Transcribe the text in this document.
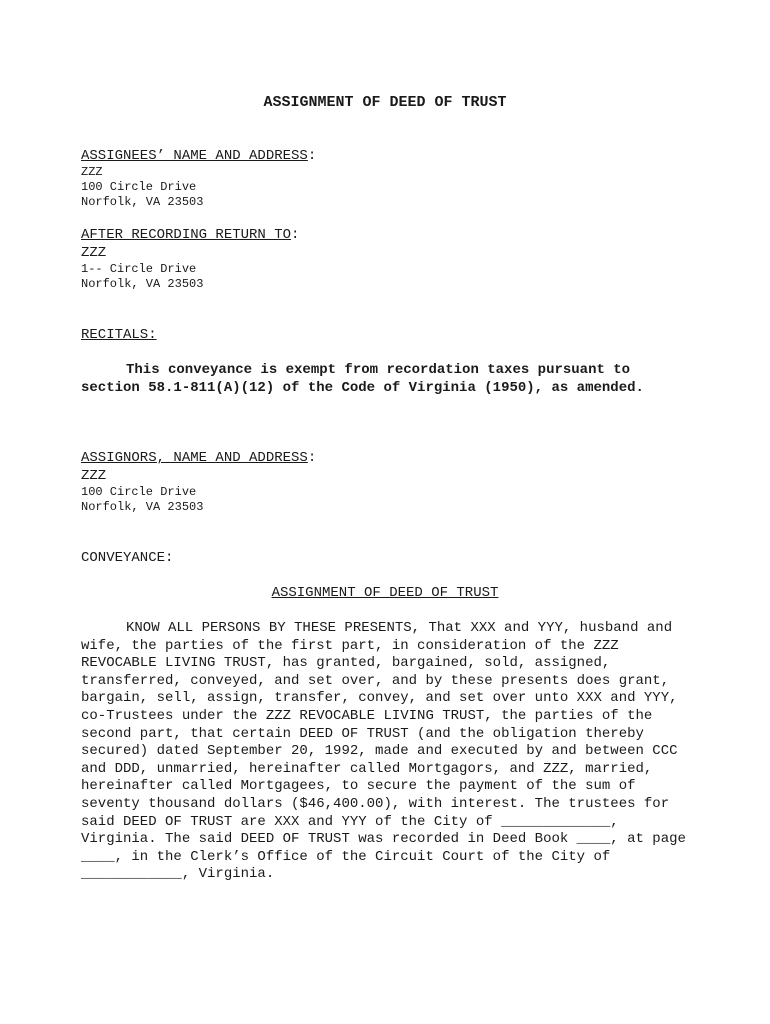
ASSIGNMENT OF DEED OF TRUST
ASSIGNEES’ NAME AND ADDRESS:
ZZZ
100 Circle Drive
Norfolk, VA 23503
AFTER RECORDING RETURN TO:
ZZZ
1-- Circle Drive
Norfolk, VA 23503
RECITALS:
This conveyance is exempt from recordation taxes pursuant to section 58.1-811(A)(12) of the Code of Virginia (1950), as amended.
ASSIGNORS, NAME AND ADDRESS:
ZZZ
100 Circle Drive
Norfolk, VA 23503
CONVEYANCE:
ASSIGNMENT OF DEED OF TRUST
KNOW ALL PERSONS BY THESE PRESENTS, That XXX and YYY, husband and wife, the parties of the first part, in consideration of the ZZZ REVOCABLE LIVING TRUST, has granted, bargained, sold, assigned, transferred, conveyed, and set over, and by these presents does grant, bargain, sell, assign, transfer, convey, and set over unto XXX and YYY, co-Trustees under the ZZZ REVOCABLE LIVING TRUST, the parties of the second part, that certain DEED OF TRUST (and the obligation thereby secured) dated September 20, 1992, made and executed by and between CCC and DDD, unmarried, hereinafter called Mortgagors, and ZZZ, married, hereinafter called Mortgagees, to secure the payment of the sum of seventy thousand dollars ($46,400.00), with interest. The trustees for said DEED OF TRUST are XXX and YYY of the City of _____________, Virginia. The said DEED OF TRUST was recorded in Deed Book ____, at page ____, in the Clerk’s Office of the Circuit Court of the City of ____________, Virginia.
